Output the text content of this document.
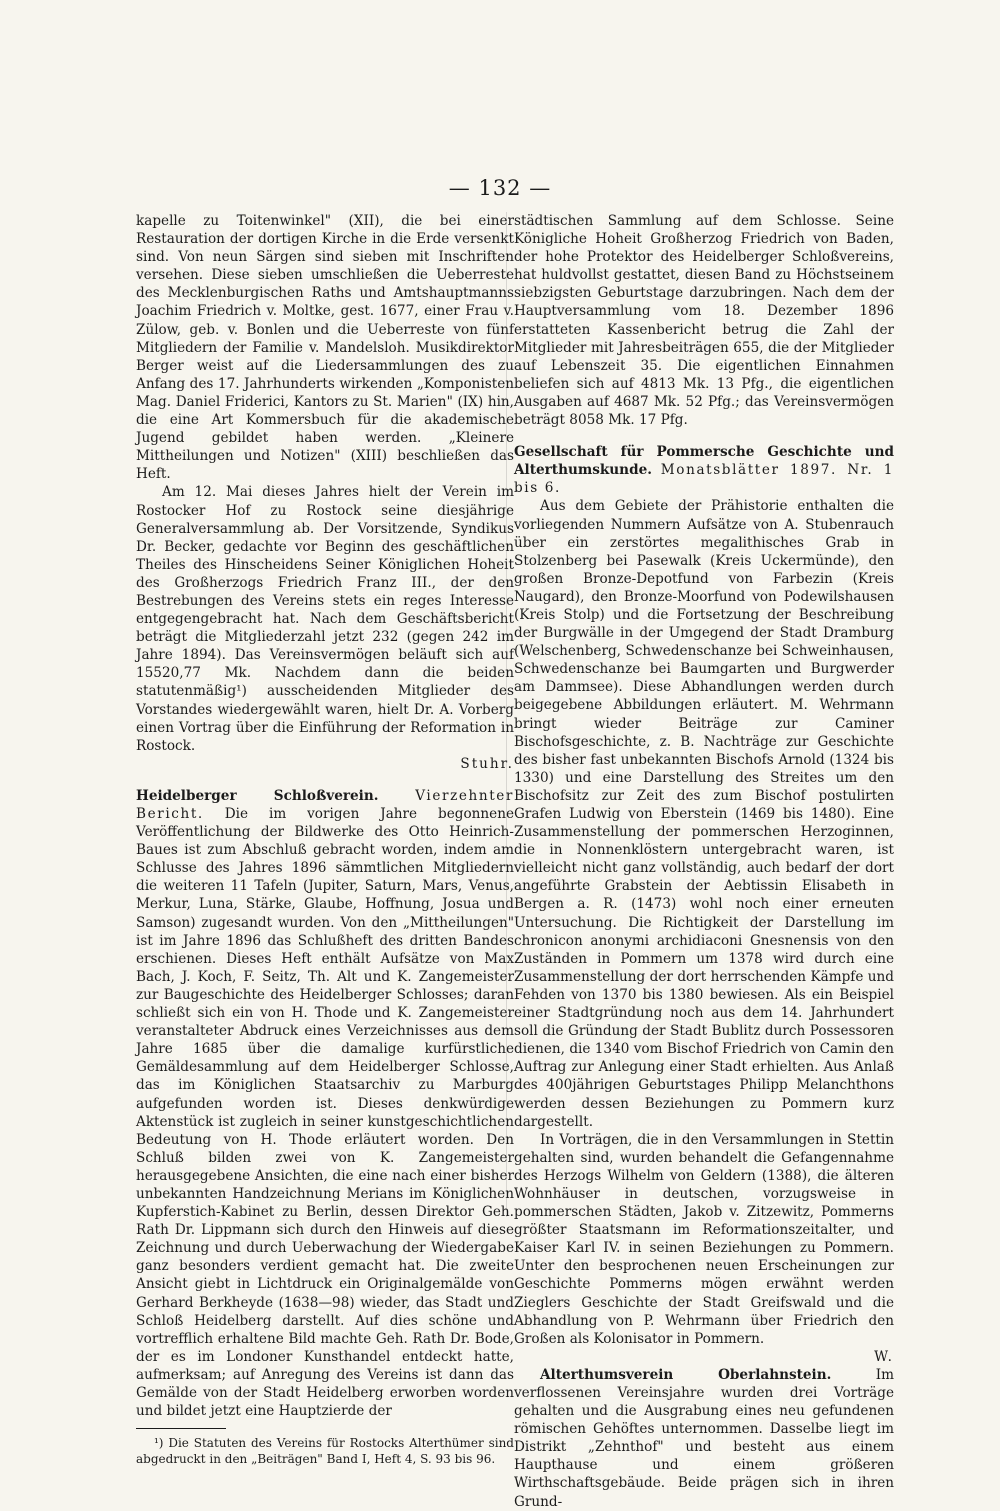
— 132 —

kapelle zu Toitenwinkel" (XII), die bei einer Restauration der dortigen Kirche in die Erde versenkt sind. Von neun Särgen sind sieben mit Inschriften versehen. Diese sieben umschließen die Ueberreste des Mecklenburgischen Raths und Amtshauptmanns Joachim Friedrich v. Moltke, gest. 1677, einer Frau v. Zülow, geb. v. Bonlen und die Ueberreste von fünf Mitgliedern der Familie v. Mandelsloh. Musikdirektor Berger weist auf die Liedersammlungen des zu Anfang des 17. Jahrhunderts wirkenden „Komponisten Mag. Daniel Friderici, Kantors zu St. Marien" (IX) hin, die eine Art Kommersbuch für die akademische Jugend gebildet haben werden. „Kleinere Mittheilungen und Notizen" (XIII) beschließen das Heft.

Am 12. Mai dieses Jahres hielt der Verein im Rostocker Hof zu Rostock seine diesjährige Generalversammlung ab. Der Vorsitzende, Syndikus Dr. Becker, gedachte vor Beginn des geschäftlichen Theiles des Hinscheidens Seiner Königlichen Hoheit des Großherzogs Friedrich Franz III., der den Bestrebungen des Vereins stets ein reges Interesse entgegengebracht hat. Nach dem Geschäftsbericht beträgt die Mitgliederzahl jetzt 232 (gegen 242 im Jahre 1894). Das Vereinsvermögen beläuft sich auf 15520,77 Mk. Nachdem dann die beiden statutenmäßig¹) ausscheidenden Mitglieder des Vorstandes wiedergewählt waren, hielt Dr. A. Vorberg einen Vortrag über die Einführung der Reformation in Rostock.

Stuhr.

Heidelberger Schloßverein.	Vierzehnter Bericht. Die im vorigen Jahre begonnene Veröffentlichung der Bildwerke des Otto Heinrich-Baues ist zum Abschluß gebracht worden, indem am Schlusse des Jahres 1896 sämmtlichen Mitgliedern die weiteren 11 Tafeln (Jupiter, Saturn, Mars, Venus, Merkur, Luna, Stärke, Glaube, Hoffnung, Josua und Samson) zugesandt wurden. Von den „Mittheilungen" ist im Jahre 1896 das Schlußheft des dritten Bandes erschienen. Dieses Heft enthält Aufsätze von Max Bach, J. Koch, F. Seitz, Th. Alt und K. Zangemeister zur Baugeschichte des Heidelberger Schlosses; daran schließt sich ein von H. Thode und K. Zangemeister veranstalteter Abdruck eines Verzeichnisses aus dem Jahre 1685 über die damalige kurfürstliche Gemäldesammlung auf dem Heidelberger Schlosse, das im Königlichen Staatsarchiv zu Marburg aufgefunden worden ist. Dieses denkwürdige Aktenstück ist zugleich in seiner kunstgeschichtlichen Bedeutung von H. Thode erläutert worden. Den Schluß bilden zwei von K. Zangemeister herausgegebene Ansichten, die eine nach einer bisher unbekannten Handzeichnung Merians im Königlichen Kupferstich-Kabinet zu Berlin, dessen Direktor Geh. Rath Dr. Lippmann sich durch den Hinweis auf diese Zeichnung und durch Ueberwachung der Wiedergabe ganz besonders verdient gemacht hat. Die zweite Ansicht giebt in Lichtdruck ein Originalgemälde von Gerhard Berkheyde (1638—98) wieder, das Stadt und Schloß Heidelberg darstellt. Auf dies schöne und vortrefflich erhaltene Bild machte Geh. Rath Dr. Bode, der es im Londoner Kunsthandel entdeckt hatte, aufmerksam; auf Anregung des Vereins ist dann das Gemälde von der Stadt Heidelberg erworben worden und bildet jetzt eine Hauptzierde der

¹) Die Statuten des Vereins für Rostocks Alterthümer sind abgedruckt in den „Beiträgen" Band I, Heft 4, S. 93 bis 96.

städtischen Sammlung auf dem Schlosse. Seine Königliche Hoheit Großherzog Friedrich von Baden, der hohe Protektor des Heidelberger Schloßvereins, hat huldvollst gestattet, diesen Band zu Höchstseinem siebzigsten Geburtstage darzubringen. Nach dem der Hauptversammlung vom 18. Dezember 1896 erstatteten Kassenbericht betrug die Zahl der Mitglieder mit Jahresbeiträgen 655, die der Mitglieder auf Lebenszeit 35. Die eigentlichen Einnahmen beliefen sich auf 4813 Mk. 13 Pfg., die eigentlichen Ausgaben auf 4687 Mk. 52 Pfg.; das Vereinsvermögen beträgt 8058 Mk. 17 Pfg.

Gesellschaft für Pommersche Geschichte und Alterthumskunde. Monatsblätter 1897. Nr. 1 bis 6.

Aus dem Gebiete der Prähistorie enthalten die vorliegenden Nummern Aufsätze von A. Stubenrauch über ein zerstörtes megalithisches Grab in Stolzenberg bei Pasewalk (Kreis Uckermünde), den großen Bronze-Depotfund von Farbezin (Kreis Naugard), den Bronze-Moorfund von Podewilshausen (Kreis Stolp) und die Fortsetzung der Beschreibung der Burgwälle in der Umgegend der Stadt Dramburg (Welschenberg, Schwedenschanze bei Schweinhausen, Schwedenschanze bei Baumgarten und Burgwerder am Dammsee). Diese Abhandlungen werden durch beigegebene Abbildungen erläutert. M. Wehrmann bringt wieder Beiträge zur Caminer Bischofsgeschichte, z. B. Nachträge zur Geschichte des bisher fast unbekannten Bischofs Arnold (1324 bis 1330) und eine Darstellung des Streites um den Bischofsitz zur Zeit des zum Bischof postulirten Grafen Ludwig von Eberstein (1469 bis 1480). Eine Zusammenstellung der pommerschen Herzoginnen, die in Nonnenklöstern untergebracht waren, ist vielleicht nicht ganz vollständig, auch bedarf der dort angeführte Grabstein der Aebtissin Elisabeth in Bergen a. R. (1473) wohl noch einer erneuten Untersuchung. Die Richtigkeit der Darstellung im chronicon anonymi archidiaconi Gnesnensis von den Zuständen in Pommern um 1378 wird durch eine Zusammenstellung der dort herrschenden Kämpfe und Fehden von 1370 bis 1380 bewiesen. Als ein Beispiel einer Stadtgründung noch aus dem 14. Jahrhundert soll die Gründung der Stadt Bublitz durch Possessoren dienen, die 1340 vom Bischof Friedrich von Camin den Auftrag zur Anlegung einer Stadt erhielten. Aus Anlaß des 400jährigen Geburtstages Philipp Melanchthons werden dessen Beziehungen zu Pommern kurz dargestellt.

In Vorträgen, die in den Versammlungen in Stettin gehalten sind, wurden behandelt die Gefangennahme des Herzogs Wilhelm von Geldern (1388), die älteren Wohnhäuser in deutschen, vorzugsweise in pommerschen Städten, Jakob v. Zitzewitz, Pommerns größter Staatsmann im Reformationszeitalter, und Kaiser Karl IV. in seinen Beziehungen zu Pommern. Unter den besprochenen neuen Erscheinungen zur Geschichte Pommerns mögen erwähnt werden Zieglers Geschichte der Stadt Greifswald und die Abhandlung von P. Wehrmann über Friedrich den Großen als Kolonisator in Pommern.

W.

Alterthumsverein Oberlahnstein.	Im verflossenen Vereinsjahre wurden drei Vorträge gehalten und die Ausgrabung eines neu gefundenen römischen Gehöftes unternommen. Dasselbe liegt im Distrikt „Zehnthof" und besteht aus einem Haupthause und einem größeren Wirthschaftsgebäude. Beide prägen sich in ihren Grund-
